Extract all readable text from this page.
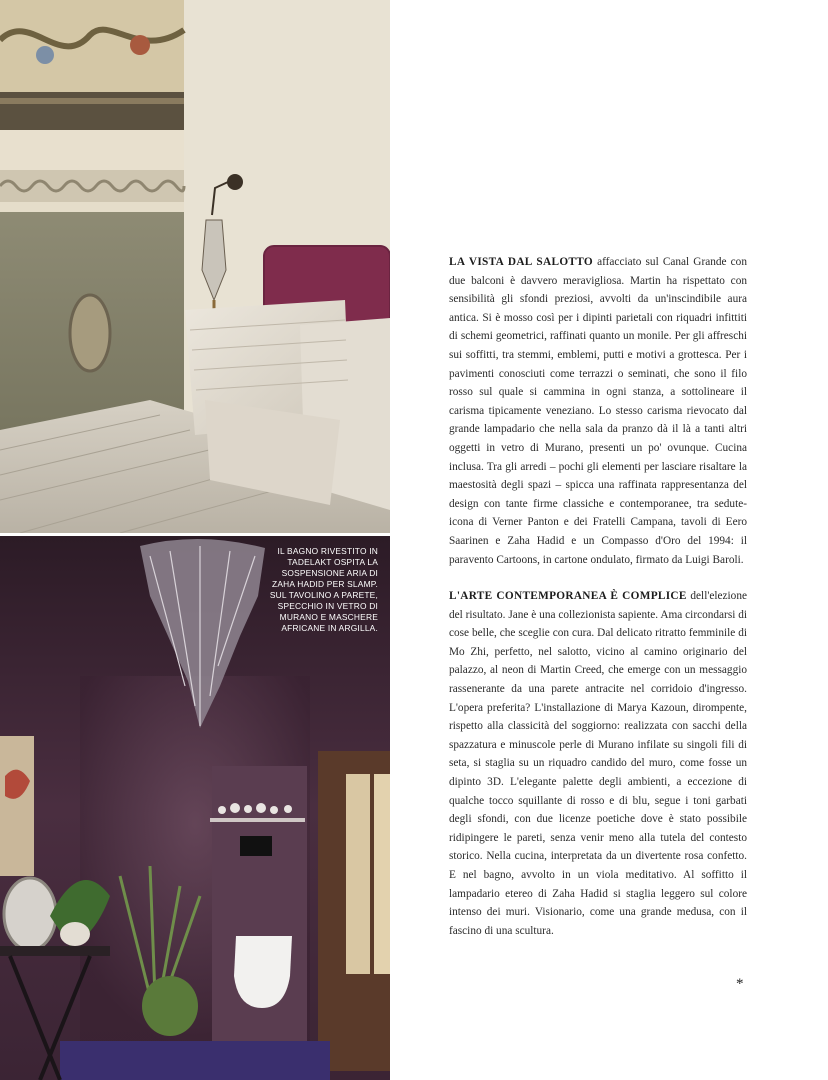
IL BAGNO RIVESTITO IN TADELAKT OSPITA LA SOSPENSIONE ARIA DI ZAHA HADID PER SLAMP. SUL TAVOLINO A PARETE, SPECCHIO IN VETRO DI MURANO E MASCHERE AFRICANE IN ARGILLA.

LA VISTA DAL SALOTTO affacciato sul Canal Grande con due balconi è davvero meravigliosa. Martin ha rispettato con sensibilità gli sfondi preziosi, avvolti da un'inscindibile aura antica. Si è mosso così per i dipinti parietali con riquadri infittiti di schemi geometrici, raffinati quanto un monile. Per gli affreschi sui soffitti, tra stemmi, emblemi, putti e motivi a grottesca. Per i pavimenti conosciuti come terrazzi o seminati, che sono il filo rosso sul quale si cammina in ogni stanza, a sottolineare il carisma tipicamente veneziano. Lo stesso carisma rievocato dal grande lampadario che nella sala da pranzo dà il là a tanti altri oggetti in vetro di Murano, presenti un po' ovunque. Cucina inclusa. Tra gli arredi – pochi gli elementi per lasciare risaltare la maestosità degli spazi – spicca una raffinata rappresentanza del design con tante firme classiche e contemporanee, tra sedute-icona di Verner Panton e dei Fratelli Campana, tavoli di Eero Saarinen e Zaha Hadid e un Compasso d'Oro del 1994: il paravento Cartoons, in cartone ondulato, firmato da Luigi Baroli.

L'ARTE CONTEMPORANEA È COMPLICE dell'elezione del risultato. Jane è una collezionista sapiente. Ama circondarsi di cose belle, che sceglie con cura. Dal delicato ritratto femminile di Mo Zhi, perfetto, nel salotto, vicino al camino originario del palazzo, al neon di Martin Creed, che emerge con un messaggio rassenerante da una parete antracite nel corridoio d'ingresso. L'opera preferita? L'installazione di Marya Kazoun, dirompente, rispetto alla classicità del soggiorno: realizzata con sacchi della spazzatura e minuscole perle di Murano infilate su singoli fili di seta, si staglia su un riquadro candido del muro, come fosse un dipinto 3D. L'elegante palette degli ambienti, a eccezione di qualche tocco squillante di rosso e di blu, segue i toni garbati degli sfondi, con due licenze poetiche dove è stato possibile ridipingere le pareti, senza venir meno alla tutela del contesto storico. Nella cucina, interpretata da un divertente rosa confetto. E nel bagno, avvolto in un viola meditativo. Al soffitto il lampadario etereo di Zaha Hadid si staglia leggero sul colore intenso dei muri. Visionario, come una grande medusa, con il fascino di una scultura.

*
